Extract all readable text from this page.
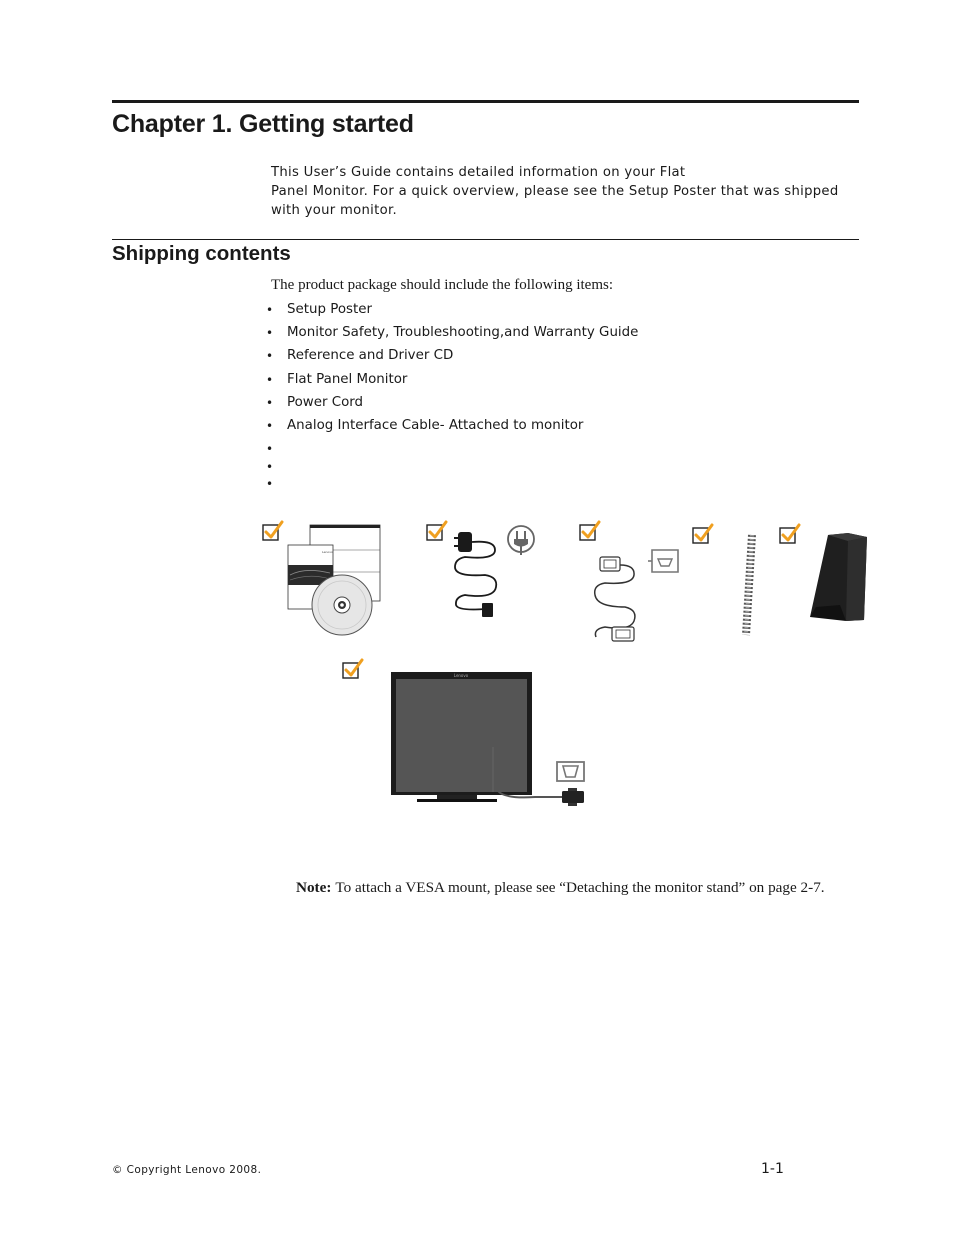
Chapter 1. Getting started

This User’s Guide contains detailed information on your Flat

Panel Monitor. For a quick overview, please see the Setup Poster that was shipped

with your monitor.

Shipping contents

The product package should include the following items:

• Setup Poster
• Monitor Safety, Troubleshooting,and Warranty Guide
• Reference and Driver CD
• Flat Panel Monitor
• Power Cord
• Analog Interface Cable- Attached to monitor
•
•
•
Lenovo
Lenovo

Note: To attach a VESA mount, please see “Detaching the monitor stand” on page 2-7.

© Copyright Lenovo 2008.	1-1
